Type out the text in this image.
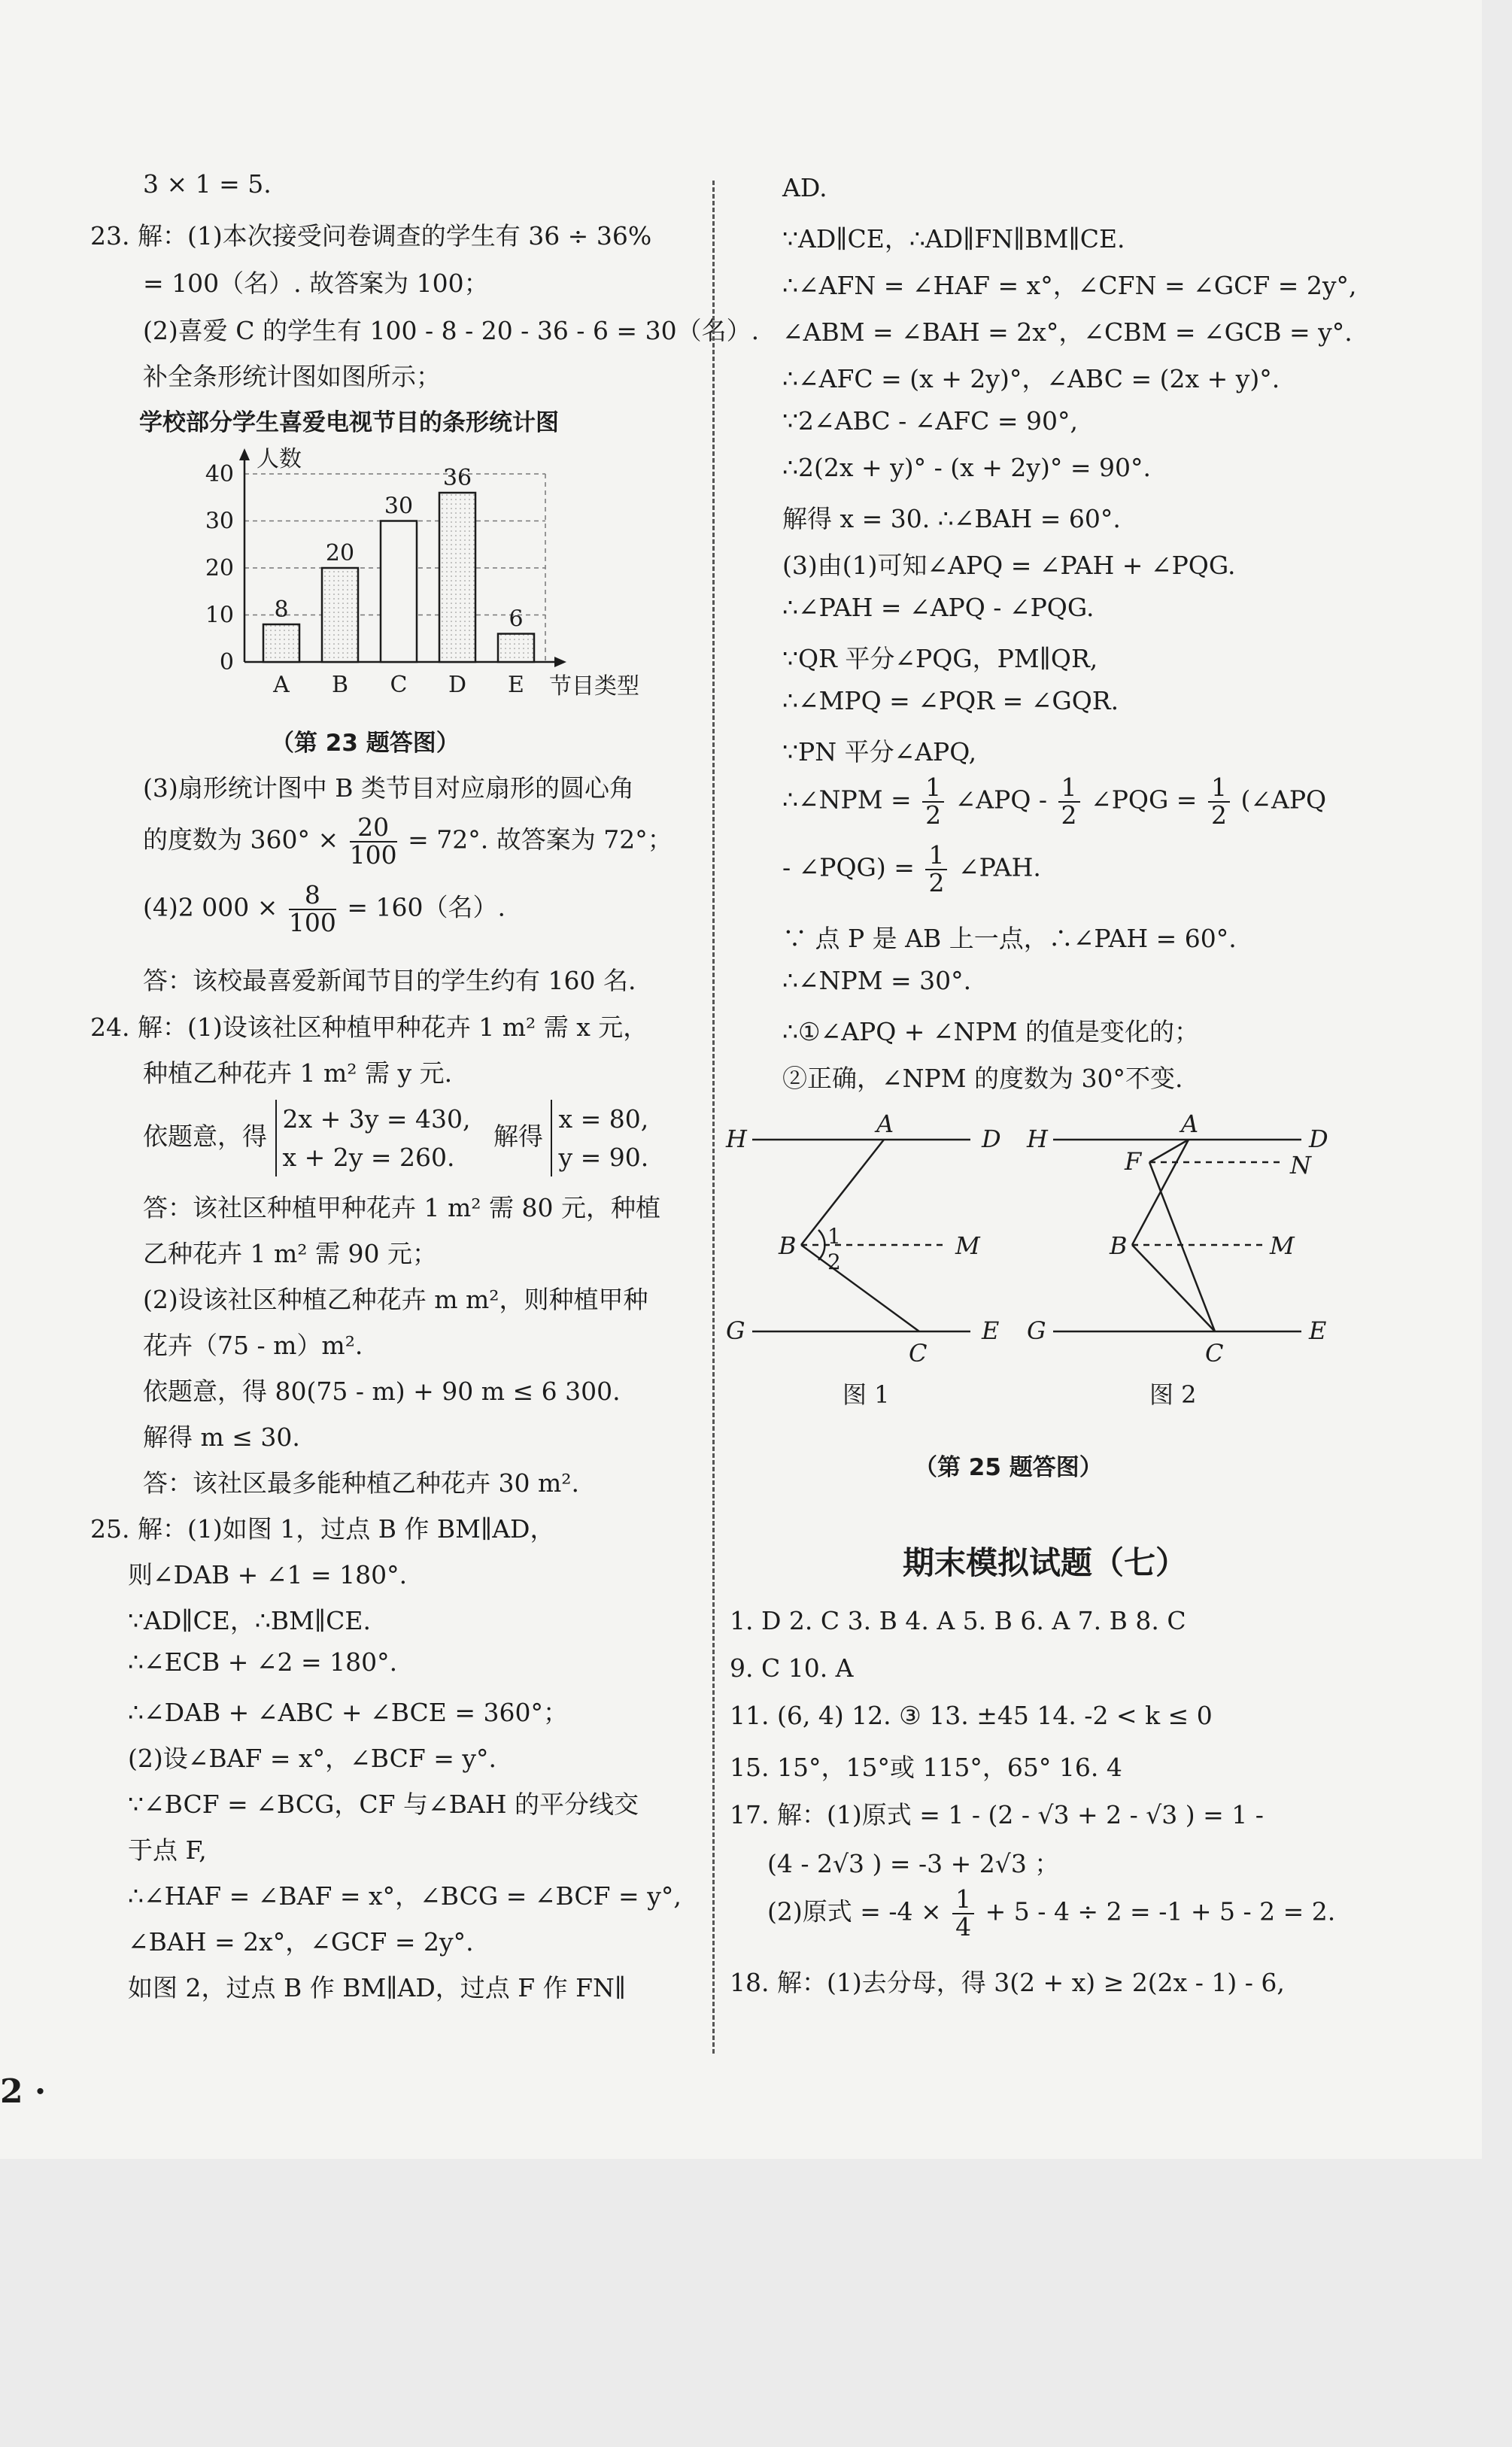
3 × 1 = 5.
23. 解：(1)本次接受问卷调查的学生有 36 ÷ 36%
= 100（名）. 故答案为 100；
(2)喜爱 C 的学生有 100 - 8 - 20 - 36 - 6 = 30（名）.
补全条形统计图如图所示；
学校部分学生喜爱电视节目的条形统计图
0
10
20
30
40
人数
8
A
20
B
30
C
36
D
6
E 节目类型
（第 23 题答图）
(3)扇形统计图中 B 类节目对应扇形的圆心角
的度数为 $360^\circ \times \frac{20}{100} = 72^\circ$. 故答案为 72°；
(4)2 $000 \times \frac{8}{100} = 160$（名）.
答：该校最喜爱新闻节目的学生约有 160 名.
24. 解：(1)设该社区种植甲种花卉 1 m² 需 x 元，
种植乙种花卉 1 m² 需 y 元.
依题意，得
2x + 3y = 430,
x + 2y = 260.
解得
x = 80,
y = 90.
答：该社区种植甲种花卉 1 m² 需 80 元，种植
乙种花卉 1 m² 需 90 元；
(2)设该社区种植乙种花卉 m m²，则种植甲种
花卉（75 - m）m².
依题意，得 80(75 - m) + 90 m ≤ 6 300.
解得 m ≤ 30.
答：该社区最多能种植乙种花卉 30 m².
25. 解：(1)如图 1，过点 B 作 BM∥AD，
则∠DAB + ∠1 = 180°.
∵AD∥CE，∴BM∥CE.
∴∠ECB + ∠2 = 180°.
∴∠DAB + ∠ABC + ∠BCE = 360°；
(2)设∠BAF = x°，∠BCF = y°.
∵∠BCF = ∠BCG，CF 与∠BAH 的平分线交
于点 F,
∴∠HAF = ∠BAF = x°，∠BCG = ∠BCF = y°,
∠BAH = 2x°，∠GCF = 2y°.
如图 2，过点 B 作 BM∥AD，过点 F 作 FN∥
AD.
∵AD∥CE，∴AD∥FN∥BM∥CE.
∴∠AFN = ∠HAF = x°，∠CFN = ∠GCF = 2y°,
∠ABM = ∠BAH = 2x°，∠CBM = ∠GCB = y°.
∴∠AFC = (x + 2y)°，∠ABC = (2x + y)°.
∵2∠ABC - ∠AFC = 90°,
∴2(2x + y)° - (x + 2y)° = 90°.
解得 x = 30. ∴∠BAH = 60°.
(3)由(1)可知∠APQ = ∠PAH + ∠PQG.
∴∠PAH = ∠APQ - ∠PQG.
∵QR 平分∠PQG，PM∥QR,
∴∠MPQ = ∠PQR = ∠GQR.
∵PN 平分∠APQ,
∴∠NPM = $\frac{1}{2}$ ∠APQ - $\frac{1}{2}$ ∠PQG = $\frac{1}{2}$ (∠APQ
- ∠PQG) = $\frac{1}{2}$ ∠PAH.
∵ 点 P 是 AB 上一点，∴∠PAH = 60°.
∴∠NPM = 30°.
∴①∠APQ + ∠NPM 的值是变化的；
②正确，∠NPM 的度数为 30°不变.
H
A
D
B	M
G
C
E
1
2
图 1
H
A
D
F	N
B	M
G
C
E
图 2
（第 25 题答图）
期末模拟试题（七）
1. D 2. C 3. B 4. A 5. B 6. A 7. B 8. C
9. C 10. A
11. (6, 4) 12. ③ 13. ±45 14. -2 < k ≤ 0
15. 15°，15°或 115°，65° 16. 4
17. 解：(1)原式 = 1 - (2 - √3 + 2 - √3 ) = 1 -
(4 - 2√3 ) = -3 + 2√3 ；
(2)原式 = $-4 \times \frac{1}{4} + 5 - 4 \div 2 = -1 + 5 - 2 = 2$.
18. 解：(1)去分母，得 3(2 + x) ≥ 2(2x - 1) - 6,
2 ·
